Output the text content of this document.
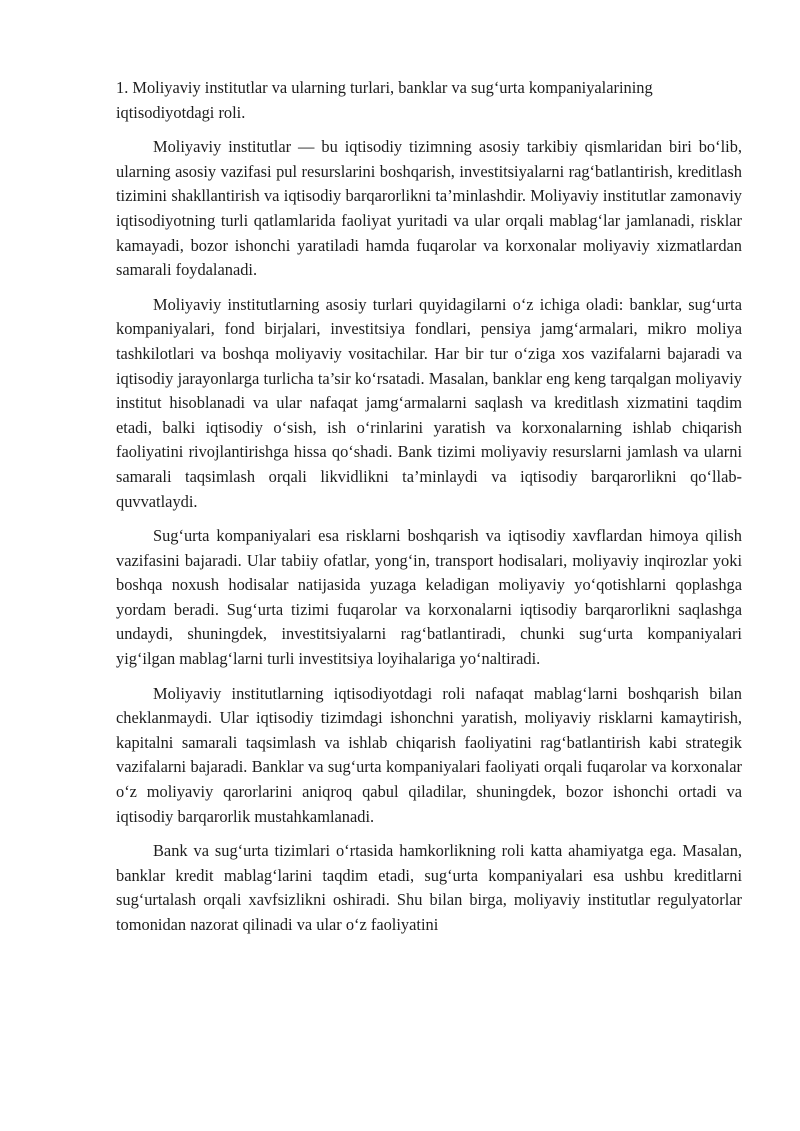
1. Moliyaviy institutlar va ularning turlari, banklar va sug‘urta kompaniyalarining iqtisodiyotdagi roli.

Moliyaviy institutlar — bu iqtisodiy tizimning asosiy tarkibiy qismlaridan biri bo‘lib, ularning asosiy vazifasi pul resurslarini boshqarish, investitsiyalarni rag‘batlantirish, kreditlash tizimini shakllantirish va iqtisodiy barqarorlikni ta’minlashdir. Moliyaviy institutlar zamonaviy iqtisodiyotning turli qatlamlarida faoliyat yuritadi va ular orqali mablag‘lar jamlanadi, risklar kamayadi, bozor ishonchi yaratiladi hamda fuqarolar va korxonalar moliyaviy xizmatlardan samarali foydalanadi.

Moliyaviy institutlarning asosiy turlari quyidagilarni o‘z ichiga oladi: banklar, sug‘urta kompaniyalari, fond birjalari, investitsiya fondlari, pensiya jamg‘armalari, mikro moliya tashkilotlari va boshqa moliyaviy vositachilar. Har bir tur o‘ziga xos vazifalarni bajaradi va iqtisodiy jarayonlarga turlicha ta’sir ko‘rsatadi. Masalan, banklar eng keng tarqalgan moliyaviy institut hisoblanadi va ular nafaqat jamg‘armalarni saqlash va kreditlash xizmatini taqdim etadi, balki iqtisodiy o‘sish, ish o‘rinlarini yaratish va korxonalarning ishlab chiqarish faoliyatini rivojlantirishga hissa qo‘shadi. Bank tizimi moliyaviy resurslarni jamlash va ularni samarali taqsimlash orqali likvidlikni ta’minlaydi va iqtisodiy barqarorlikni qo‘llab-quvvatlaydi.

Sug‘urta kompaniyalari esa risklarni boshqarish va iqtisodiy xavflardan himoya qilish vazifasini bajaradi. Ular tabiiy ofatlar, yong‘in, transport hodisalari, moliyaviy inqirozlar yoki boshqa noxush hodisalar natijasida yuzaga keladigan moliyaviy yo‘qotishlarni qoplashga yordam beradi. Sug‘urta tizimi fuqarolar va korxonalarni iqtisodiy barqarorlikni saqlashga undaydi, shuningdek, investitsiyalarni rag‘batlantiradi, chunki sug‘urta kompaniyalari yig‘ilgan mablag‘larni turli investitsiya loyihalariga yo‘naltiradi.

Moliyaviy institutlarning iqtisodiyotdagi roli nafaqat mablag‘larni boshqarish bilan cheklanmaydi. Ular iqtisodiy tizimdagi ishonchni yaratish, moliyaviy risklarni kamaytirish, kapitalni samarali taqsimlash va ishlab chiqarish faoliyatini rag‘batlantirish kabi strategik vazifalarni bajaradi. Banklar va sug‘urta kompaniyalari faoliyati orqali fuqarolar va korxonalar o‘z moliyaviy qarorlarini aniqroq qabul qiladilar, shuningdek, bozor ishonchi ortadi va iqtisodiy barqarorlik mustahkamlanadi.

Bank va sug‘urta tizimlari o‘rtasida hamkorlikning roli katta ahamiyatga ega. Masalan, banklar kredit mablag‘larini taqdim etadi, sug‘urta kompaniyalari esa ushbu kreditlarni sug‘urtalash orqali xavfsizlikni oshiradi. Shu bilan birga, moliyaviy institutlar regulyatorlar tomonidan nazorat qilinadi va ular o‘z faoliyatini
